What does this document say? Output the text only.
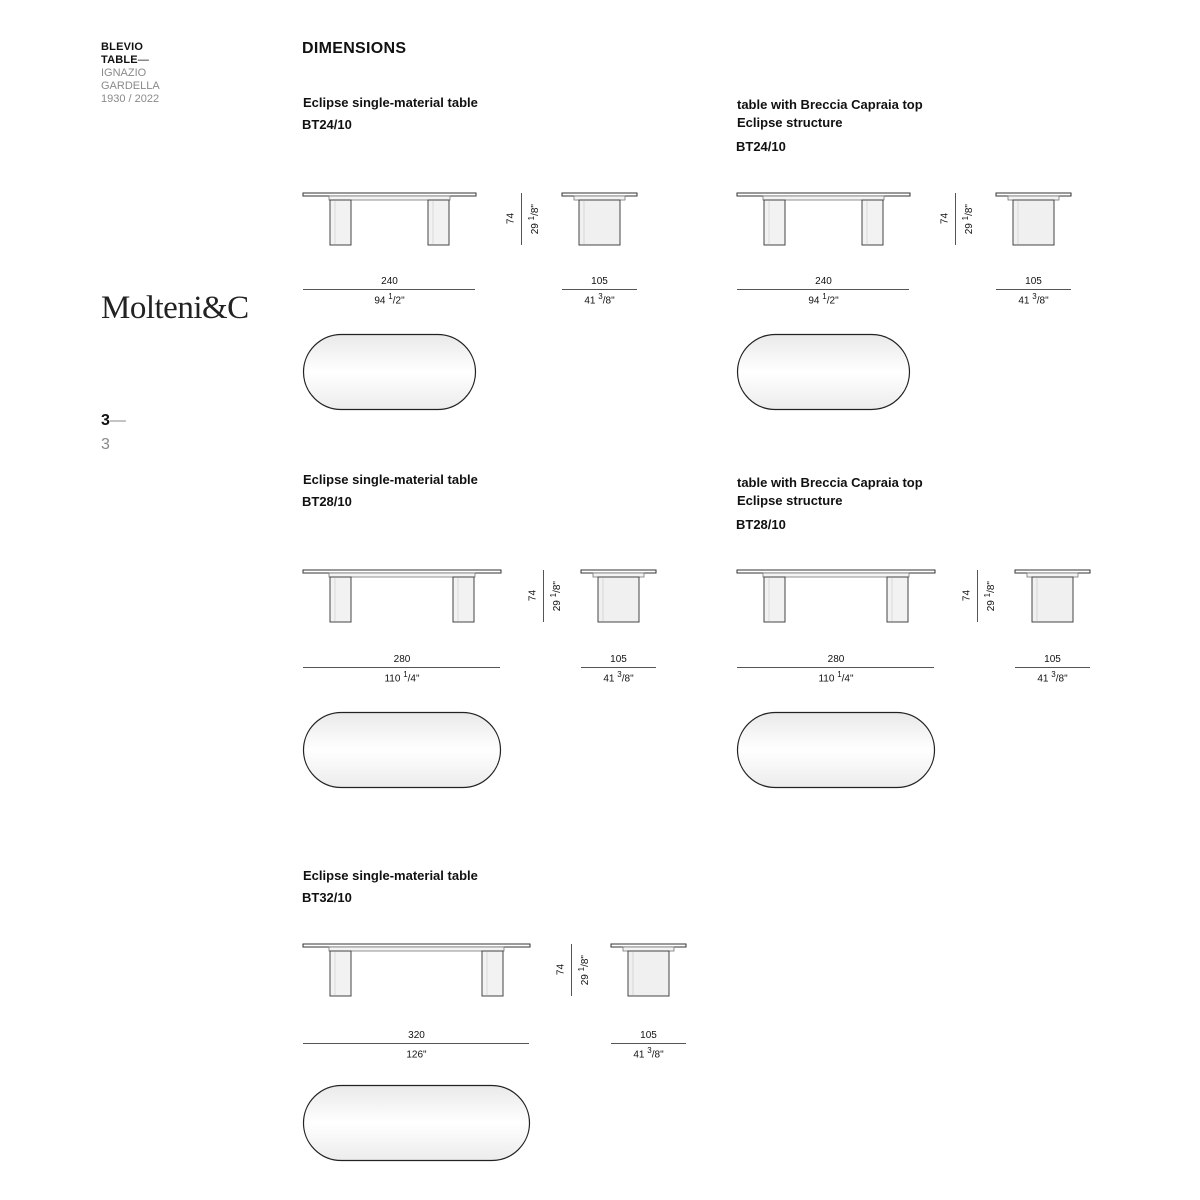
BLEVIO
TABLE—
IGNAZIO
GARDELLA
1930 / 2022
Molteni&C
3—
3
DIMENSIONS
Eclipse single-material table
BT24/10
74
29 $^1$/8"
240
94 $^1$/2"
105
41 $^3$/8"
table with Breccia Capraia top
Eclipse structure
BT24/10
74
29 $^1$/8"
240
94 $^1$/2"
105
41 $^3$/8"
Eclipse single-material table
BT28/10
74
29 $^1$/8"
280
110 $^1$/4"
105
41 $^3$/8"
table with Breccia Capraia top
Eclipse structure
BT28/10
74
29 $^1$/8"
280
110 $^1$/4"
105
41 $^3$/8"
Eclipse single-material table
BT32/10
74
29 $^1$/8"
320
126"
105
41 $^3$/8"
